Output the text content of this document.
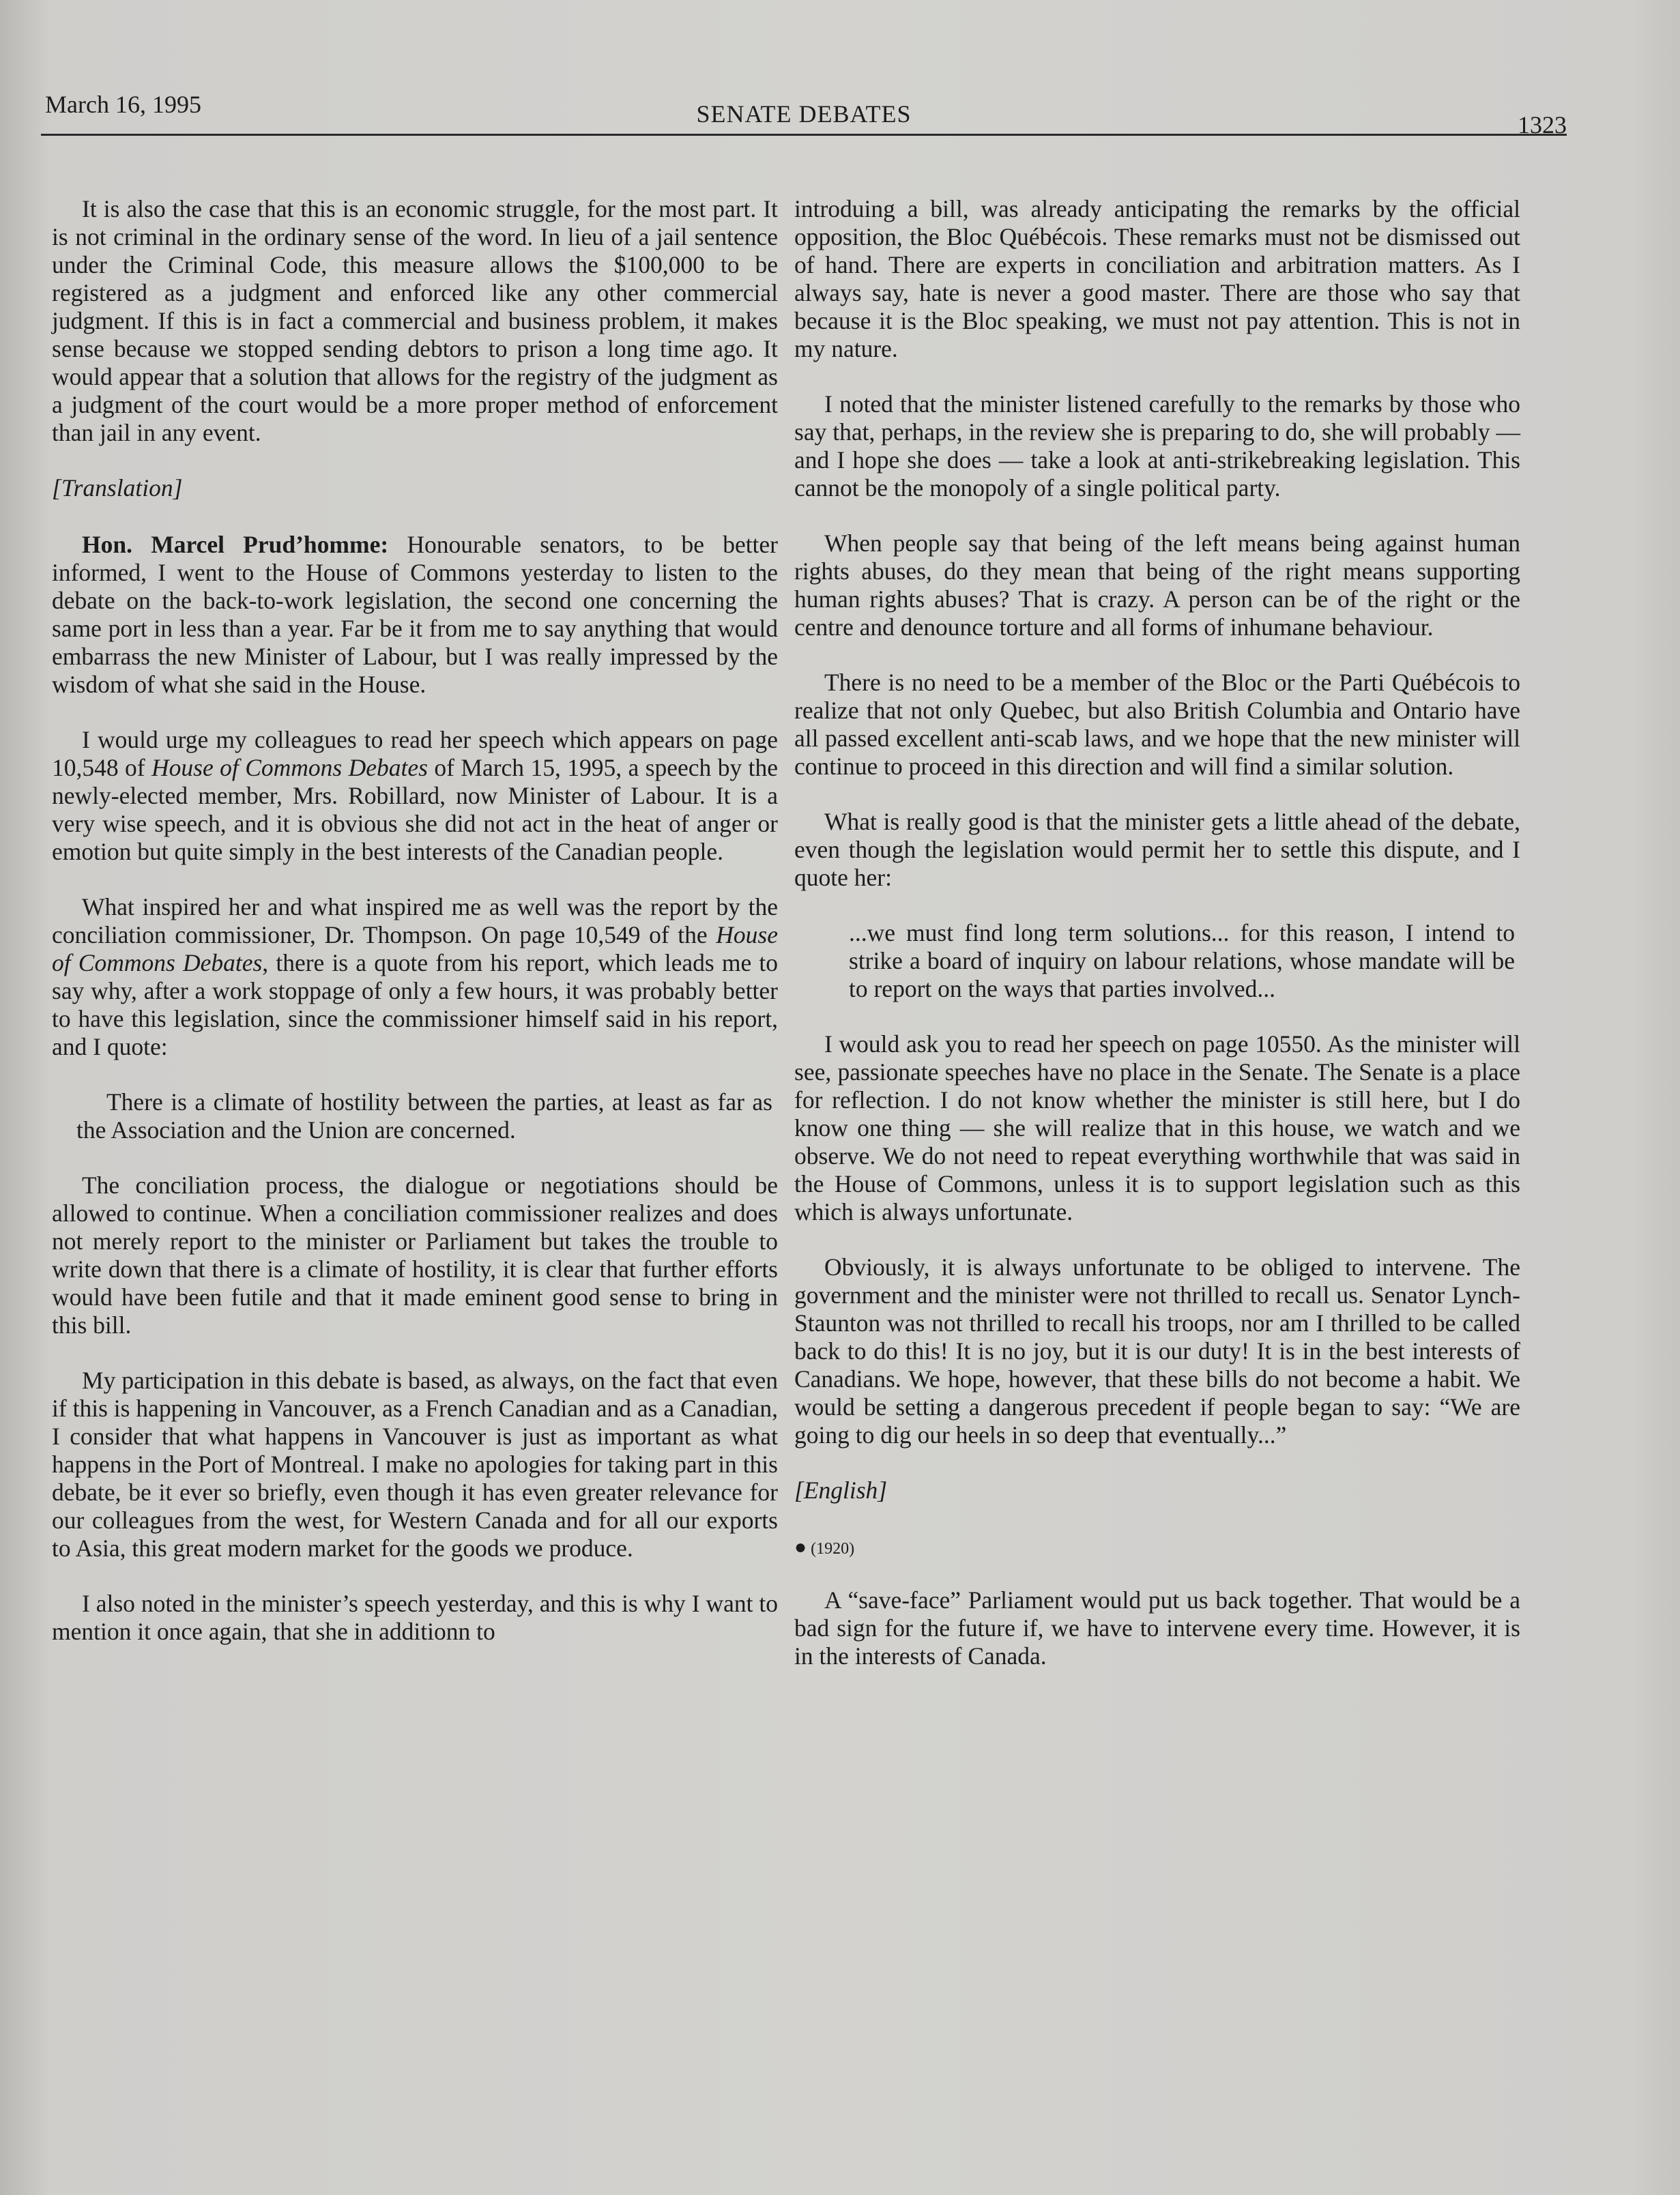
March 16, 1995	SENATE DEBATES	1323

It is also the case that this is an economic struggle, for the most part. It is not criminal in the ordinary sense of the word. In lieu of a jail sentence under the Criminal Code, this measure allows the $100,000 to be registered as a judgment and enforced like any other commercial judgment. If this is in fact a commercial and business problem, it makes sense because we stopped sending debtors to prison a long time ago. It would appear that a solution that allows for the registry of the judgment as a judgment of the court would be a more proper method of enforcement than jail in any event.

[Translation]

Hon. Marcel Prud’homme: Honourable senators, to be better informed, I went to the House of Commons yesterday to listen to the debate on the back-to-work legislation, the second one concerning the same port in less than a year. Far be it from me to say anything that would embarrass the new Minister of Labour, but I was really impressed by the wisdom of what she said in the House.

I would urge my colleagues to read her speech which appears on page 10,548 of House of Commons Debates of March 15, 1995, a speech by the newly-elected member, Mrs. Robillard, now Minister of Labour. It is a very wise speech, and it is obvious she did not act in the heat of anger or emotion but quite simply in the best interests of the Canadian people.

What inspired her and what inspired me as well was the report by the conciliation commissioner, Dr. Thompson. On page 10,549 of the House of Commons Debates, there is a quote from his report, which leads me to say why, after a work stoppage of only a few hours, it was probably better to have this legislation, since the commissioner himself said in his report, and I quote:

There is a climate of hostility between the parties, at least as far as the Association and the Union are concerned.

The conciliation process, the dialogue or negotiations should be allowed to continue. When a conciliation commissioner realizes and does not merely report to the minister or Parliament but takes the trouble to write down that there is a climate of hostility, it is clear that further efforts would have been futile and that it made eminent good sense to bring in this bill.

My participation in this debate is based, as always, on the fact that even if this is happening in Vancouver, as a French Canadian and as a Canadian, I consider that what happens in Vancouver is just as important as what happens in the Port of Montreal. I make no apologies for taking part in this debate, be it ever so briefly, even though it has even greater relevance for our colleagues from the west, for Western Canada and for all our exports to Asia, this great modern market for the goods we produce.

I also noted in the minister’s speech yesterday, and this is why I want to mention it once again, that she in additionn to

introduing a bill, was already anticipating the remarks by the official opposition, the Bloc Québécois. These remarks must not be dismissed out of hand. There are experts in conciliation and arbitration matters. As I always say, hate is never a good master. There are those who say that because it is the Bloc speaking, we must not pay attention. This is not in my nature.

I noted that the minister listened carefully to the remarks by those who say that, perhaps, in the review she is preparing to do, she will probably — and I hope she does — take a look at anti-strikebreaking legislation. This cannot be the monopoly of a single political party.

When people say that being of the left means being against human rights abuses, do they mean that being of the right means supporting human rights abuses? That is crazy. A person can be of the right or the centre and denounce torture and all forms of inhumane behaviour.

There is no need to be a member of the Bloc or the Parti Québécois to realize that not only Quebec, but also British Columbia and Ontario have all passed excellent anti-scab laws, and we hope that the new minister will continue to proceed in this direction and will find a similar solution.

What is really good is that the minister gets a little ahead of the debate, even though the legislation would permit her to settle this dispute, and I quote her:

...we must find long term solutions... for this reason, I intend to strike a board of inquiry on labour relations, whose mandate will be to report on the ways that parties involved...

I would ask you to read her speech on page 10550. As the minister will see, passionate speeches have no place in the Senate. The Senate is a place for reflection. I do not know whether the minister is still here, but I do know one thing — she will realize that in this house, we watch and we observe. We do not need to repeat everything worthwhile that was said in the House of Commons, unless it is to support legislation such as this which is always unfortunate.

Obviously, it is always unfortunate to be obliged to intervene. The government and the minister were not thrilled to recall us. Senator Lynch-Staunton was not thrilled to recall his troops, nor am I thrilled to be called back to do this! It is no joy, but it is our duty! It is in the best interests of Canadians. We hope, however, that these bills do not become a habit. We would be setting a dangerous precedent if people began to say: “We are going to dig our heels in so deep that eventually...”

[English]

● (1920)

A “save-face” Parliament would put us back together. That would be a bad sign for the future if, we have to intervene every time. However, it is in the interests of Canada.
